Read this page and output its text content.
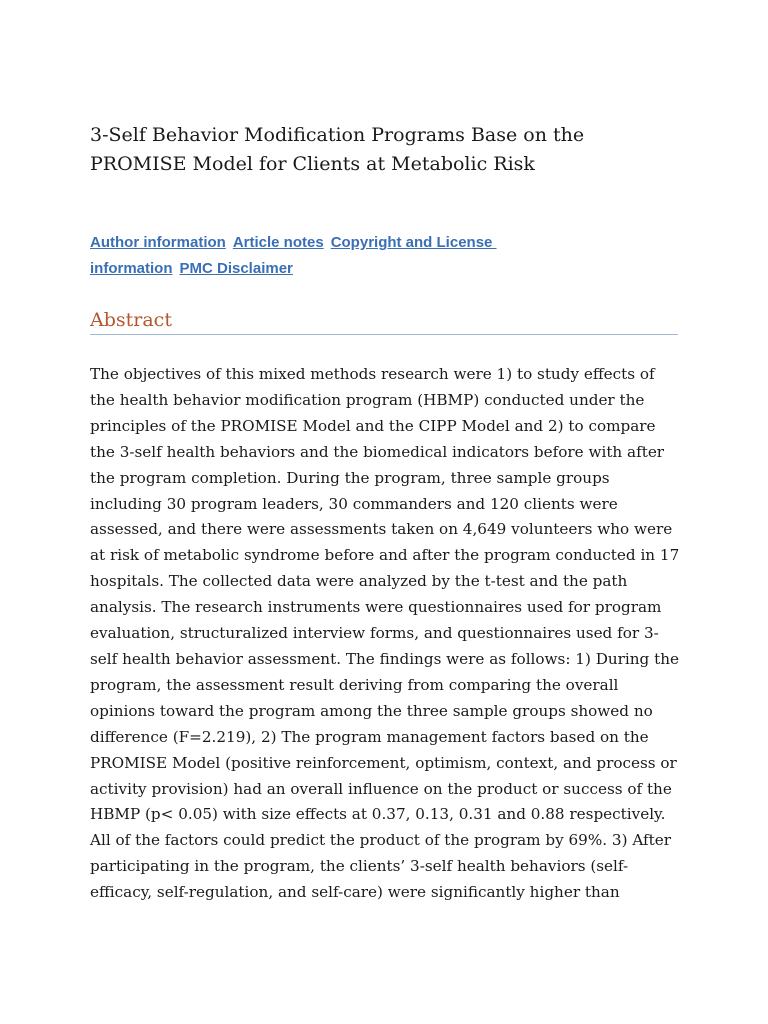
3-Self Behavior Modification Programs Base on the PROMISE Model for Clients at Metabolic Risk
Author information Article notes Copyright and License information PMC Disclaimer
Abstract

The objectives of this mixed methods research were 1) to study effects of the health behavior modification program (HBMP) conducted under the principles of the PROMISE Model and the CIPP Model and 2) to compare the 3-self health behaviors and the biomedical indicators before with after the program completion. During the program, three sample groups including 30 program leaders, 30 commanders and 120 clients were assessed, and there were assessments taken on 4,649 volunteers who were at risk of metabolic syndrome before and after the program conducted in 17 hospitals. The collected data were analyzed by the t-test and the path analysis. The research instruments were questionnaires used for program evaluation, structuralized interview forms, and questionnaires used for 3-self health behavior assessment. The findings were as follows: 1) During the program, the assessment result deriving from comparing the overall opinions toward the program among the three sample groups showed no difference (F=2.219), 2) The program management factors based on the PROMISE Model (positive reinforcement, optimism, context, and process or activity provision) had an overall influence on the product or success of the HBMP (p< 0.05) with size effects at 0.37, 0.13, 0.31 and 0.88 respectively. All of the factors could predict the product of the program by 69%. 3) After participating in the program, the clients’ 3-self health behaviors (self-efficacy, self-regulation, and self-care) were significantly higher than
